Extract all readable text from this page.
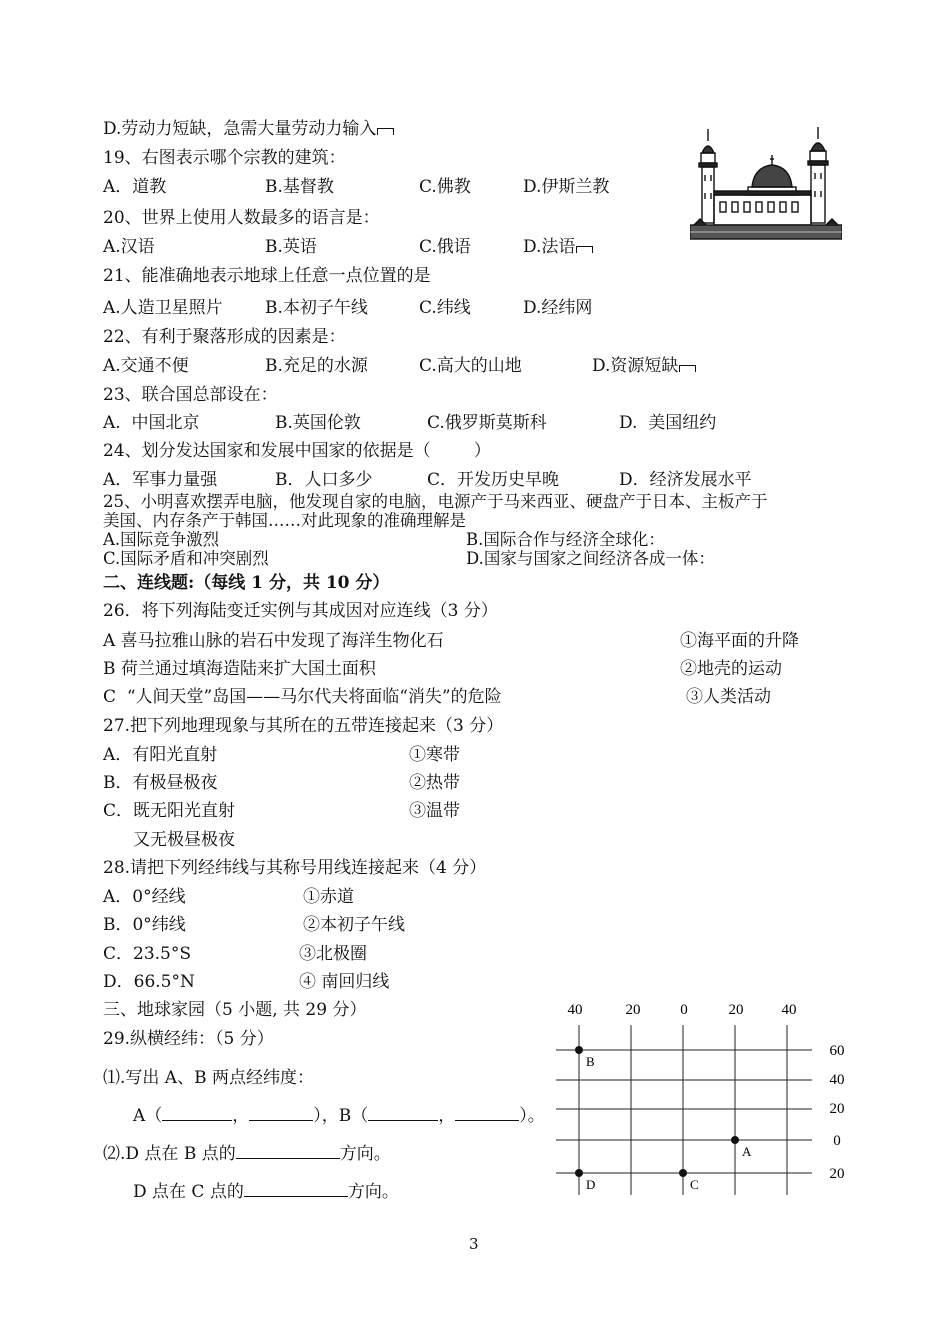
D.劳动力短缺，急需大量劳动力输入
19、右图表示哪个宗教的建筑：
A．道教	B.基督教	C.佛教	D.伊斯兰教
20、世界上使用人数最多的语言是：
A.汉语	B.英语	C.俄语	D.法语
21、能准确地表示地球上任意一点位置的是
A.人造卫星照片 B.本初子午线	C.纬线	D.经纬网
22、有利于聚落形成的因素是：
A.交通不便	B.充足的水源	C.高大的山地	D.资源短缺
23、联合国总部设在：
A.  中国北京	B.英国伦敦	C.俄罗斯莫斯科	D.  美国纽约
24、划分发达国家和发展中国家的依据是（        ）
A．军事力量强	B．人口多少	C．开发历史早晚	D．经济发展水平
25、小明喜欢摆弄电脑，他发现自家的电脑，电源产于马来西亚、硬盘产于日本、主板产于
美国、内存条产于韩国……对此现象的准确理解是
A.国际竞争激烈	B.国际合作与经济全球化：
C.国际矛盾和冲突剧烈	D.国家与国家之间经济各成一体：
二、连线题:（每线 1 分，共 10 分）
26．将下列海陆变迁实例与其成因对应连线（3 分）
A 喜马拉雅山脉的岩石中发现了海洋生物化石	①海平面的升降
B 荷兰通过填海造陆来扩大国土面积	②地壳的运动
C  “人间天堂”岛国——马尔代夫将面临“消失”的危险	③人类活动
27.把下列地理现象与其所在的五带连接起来（3 分）
A．有阳光直射	①寒带
B．有极昼极夜	②热带
C．既无阳光直射	③温带
又无极昼极夜
28.请把下列经纬线与其称号用线连接起来（4 分）
A．0°经线	①赤道
B．0°纬线	②本初子午线
C．23.5°S	③北极圈
D．66.5°N	④ 南回归线
三、地球家园（5 小题, 共 29 分）
29.纵横经纬：（5 分）
⑴.写出 A、B 两点经纬度：
A（	，	），B（	，	）。
⑵.D 点在 B 点的	方向。
D 点在 C 点的	方向。
40	20	0	20	40
60
40
20
0
20
B
A
D	C
3
